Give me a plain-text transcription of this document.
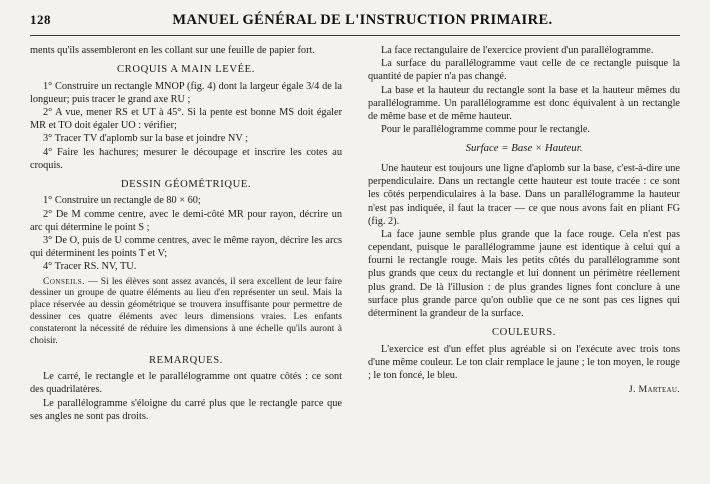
128	MANUEL GÉNÉRAL DE L'INSTRUCTION PRIMAIRE.

ments qu'ils assembleront en les collant sur une feuille de papier fort.

CROQUIS A MAIN LEVÉE.

1° Construire un rectangle MNOP (fig. 4) dont la largeur égale 3/4 de la longueur; puis tracer le grand axe RU ;

2° A vue, mener RS et UT à 45°. Si la pente est bonne MS doit égaler MR et TO doit égaler UO : vérifier;

3° Tracer TV d'aplomb sur la base et joindre NV ;

4° Faire les hachures; mesurer le découpage et inscrire les cotes au croquis.

DESSIN GÉOMÉTRIQUE.

1° Construire un rectangle de 80 × 60;

2° De M comme centre, avec le demi-côté MR pour rayon, décrire un arc qui détermine le point S ;

3° De O, puis de U comme centres, avec le même rayon, décrire les arcs qui déterminent les points T et V;

4° Tracer RS. NV, TU.

Conseils. — Si les élèves sont assez avancés, il sera excellent de leur faire dessiner un groupe de quatre éléments au lieu d'en représenter un seul. Mais la place réservée au dessin géométrique se trouvera insuffisante pour permettre de dessiner ces quatre éléments avec leurs dimensions vraies. Les enfants constateront la nécessité de réduire les dimensions à une échelle qu'ils auront à choisir.

REMARQUES.

Le carré, le rectangle et le parallélogramme ont quatre côtés : ce sont des quadrilatères.

Le parallélogramme s'éloigne du carré plus que le rectangle parce que ses angles ne sont pas droits.

La face rectangulaire de l'exercice provient d'un parallélogramme.

La surface du parallélogramme vaut celle de ce rectangle puisque la quantité de papier n'a pas changé.

La base et la hauteur du rectangle sont la base et la hauteur mêmes du parallélogramme. Un parallélogramme est donc équivalent à un rectangle de même base et de même hauteur.

Pour le parallélogramme comme pour le rectangle.

Surface = Base × Hauteur.

Une hauteur est toujours une ligne d'aplomb sur la base, c'est-à-dire une perpendiculaire. Dans un rectangle cette hauteur est toute tracée : ce sont les côtés perpendiculaires à la base. Dans un parallélogramme la hauteur n'est pas indiquée, il faut la tracer — ce que nous avons fait en pliant FG (fig. 2).

La face jaune semble plus grande que la face rouge. Cela n'est pas cependant, puisque le parallélogramme jaune est identique à celui qui a fourni le rectangle rouge. Mais les petits côtés du parallélogramme sont plus grands que ceux du rectangle et lui donnent un périmètre réellement plus grand. De là l'illusion : de plus grandes lignes font conclure à une surface plus grande parce qu'on oublie que ce ne sont pas ces lignes qui déterminent la grandeur de la surface.

COULEURS.

L'exercice est d'un effet plus agréable si on l'exécute avec trois tons d'une même couleur. Le ton clair remplace le jaune ; le ton moyen, le rouge ; le ton foncé, le bleu.

J. Marteau.
